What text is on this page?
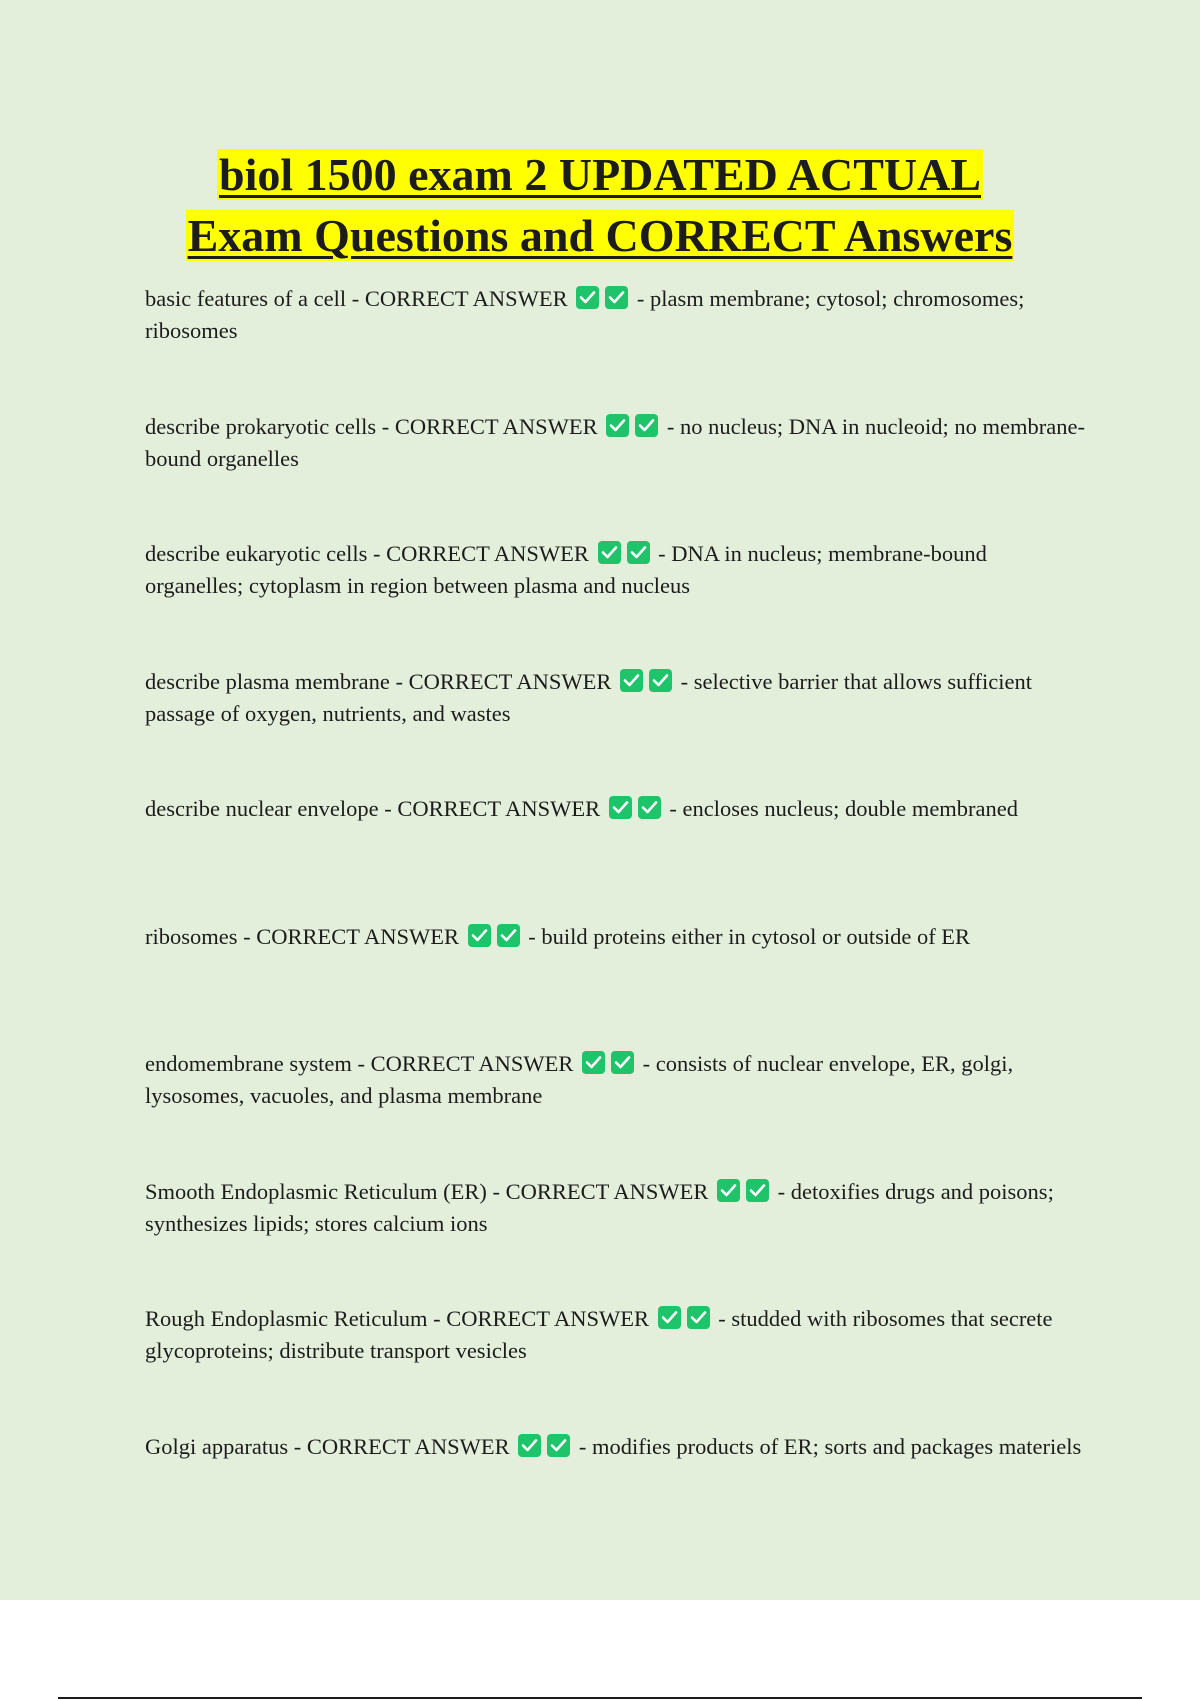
biol 1500 exam 2 UPDATED ACTUAL
Exam Questions and CORRECT Answers
basic features of a cell - CORRECT ANSWER	- plasm membrane; cytosol; chromosomes; ribosomes
describe prokaryotic cells - CORRECT ANSWER	- no nucleus; DNA in nucleoid; no membrane-bound organelles
describe eukaryotic cells - CORRECT ANSWER	- DNA in nucleus; membrane-bound organelles; cytoplasm in region between plasma and nucleus
describe plasma membrane - CORRECT ANSWER	- selective barrier that allows sufficient passage of oxygen, nutrients, and wastes
describe nuclear envelope - CORRECT ANSWER	- encloses nucleus; double membraned
ribosomes - CORRECT ANSWER	- build proteins either in cytosol or outside of ER
endomembrane system - CORRECT ANSWER	- consists of nuclear envelope, ER, golgi, lysosomes, vacuoles, and plasma membrane
Smooth Endoplasmic Reticulum (ER) - CORRECT ANSWER	- detoxifies drugs and poisons; synthesizes lipids; stores calcium ions
Rough Endoplasmic Reticulum - CORRECT ANSWER	- studded with ribosomes that secrete glycoproteins; distribute transport vesicles
Golgi apparatus - CORRECT ANSWER	- modifies products of ER; sorts and packages materiels
